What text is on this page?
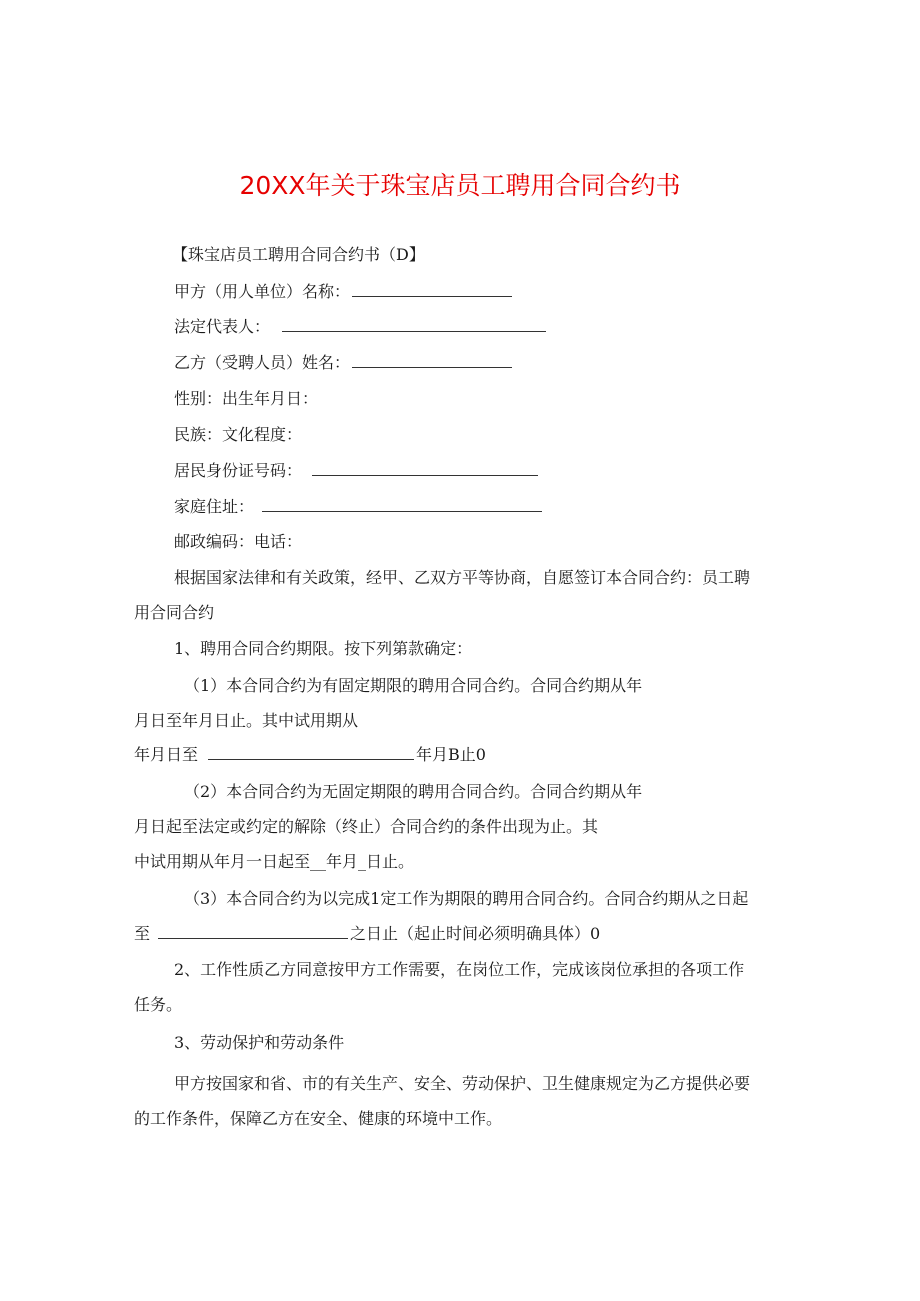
20XX年关于珠宝店员工聘用合同合约书

【珠宝店员工聘用合同合约书（D】

甲方（用人单位）名称：

法定代表人：

乙方（受聘人员）姓名：

性别：出生年月日：

民族：文化程度：

居民身份证号码：

家庭住址：

邮政编码：电话：

根据国家法律和有关政策，经甲、乙双方平等协商，自愿签订本合同合约：员工聘

用合同合约

1、聘用合同合约期限。按下列第款确定：

（1）本合同合约为有固定期限的聘用合同合约。合同合约期从年

月日至年月日止。其中试用期从

年月日至	年月B止0

（2）本合同合约为无固定期限的聘用合同合约。合同合约期从年

月日起至法定或约定的解除（终止）合同合约的条件出现为止。其

中试用期从年月一日起至__年月_日止。

（3）本合同合约为以完成1定工作为期限的聘用合同合约。合同合约期从之日起

至	之日止（起止时间必须明确具体）0

2、工作性质乙方同意按甲方工作需要，在岗位工作，完成该岗位承担的各项工作

任务。

3、劳动保护和劳动条件

甲方按国家和省、市的有关生产、安全、劳动保护、卫生健康规定为乙方提供必要

的工作条件，保障乙方在安全、健康的环境中工作。
